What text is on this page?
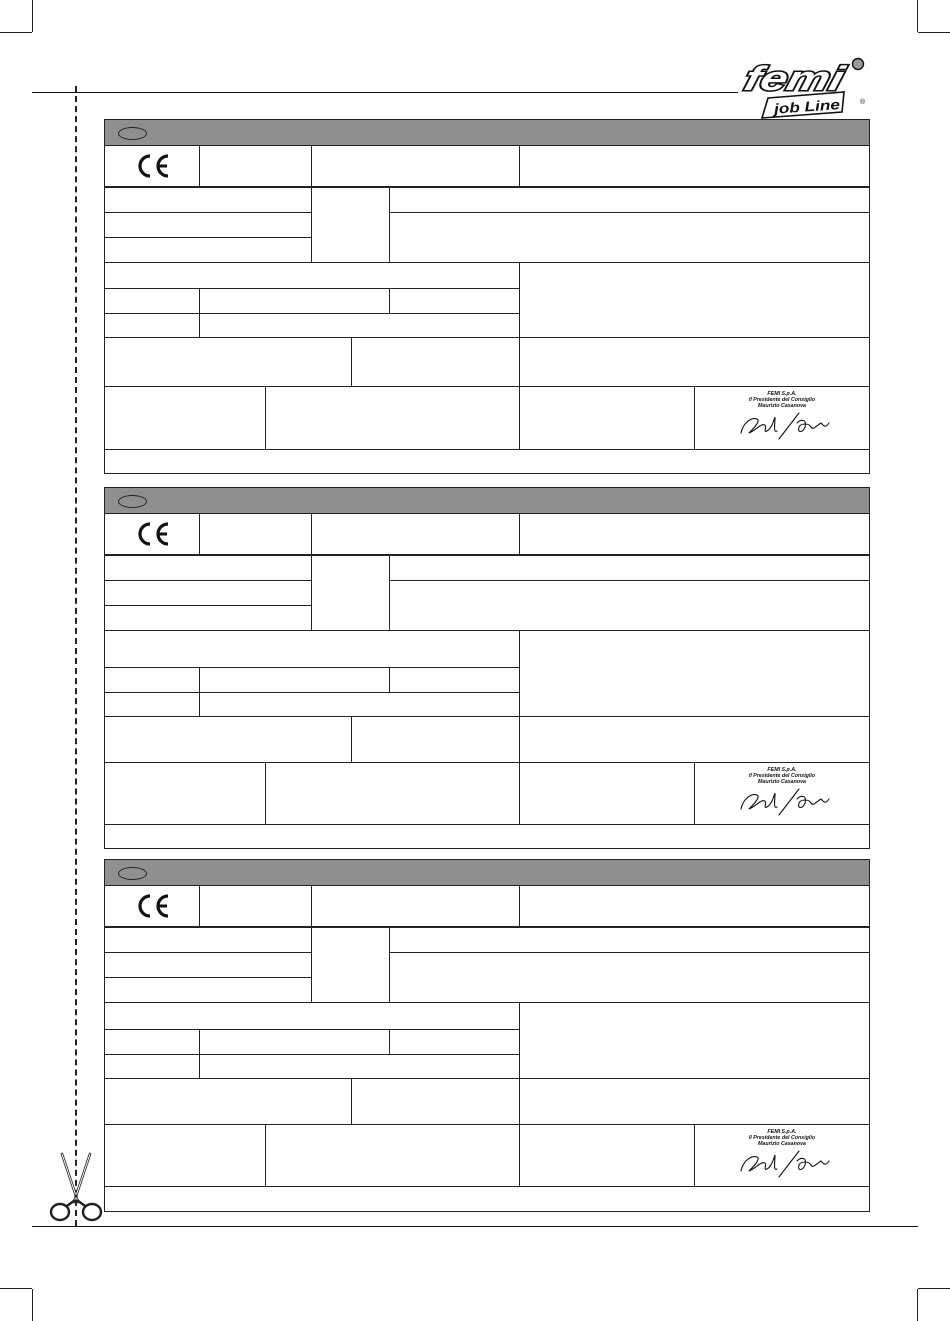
femi
job Line	®
FEMI S.p.A.
Il Presidente del Consiglio
Maurizio Casanova
FEMI S.p.A.
Il Presidente del Consiglio
Maurizio Casanova
FEMI S.p.A.
Il Presidente del Consiglio
Maurizio Casanova
